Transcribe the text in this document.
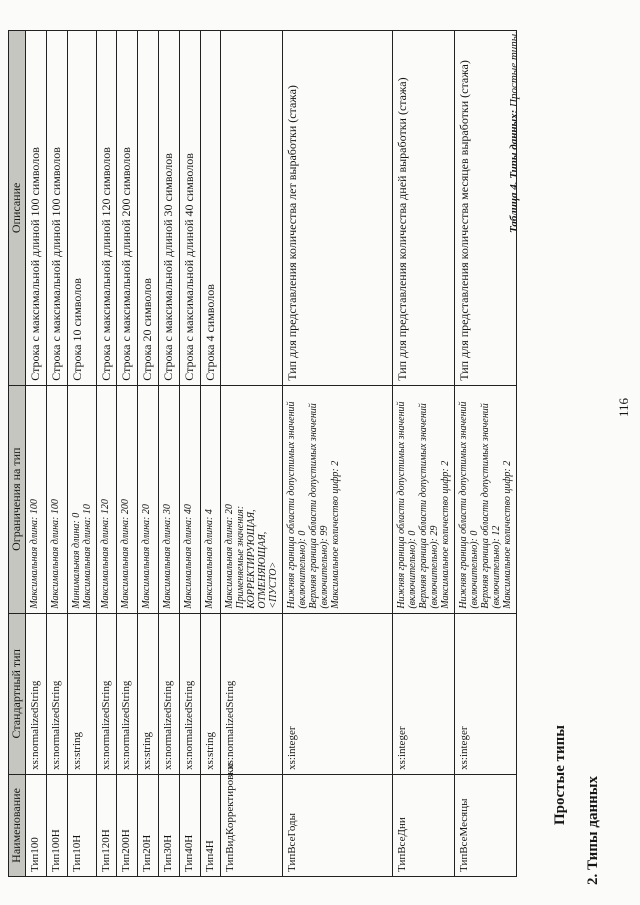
2. Типы данных
Простые типы
116
Таблица 4. Типы данных: Простые типы.
Наименование	Стандартный тип	Ограничения на тип	Описание
Тип100	xs:normalizedString	Максимальная длина: 100	Строка с максимальной длиной 100 символов
Тип100Н	xs:normalizedString	Максимальная длина: 100	Строка с максимальной длиной 100 символов
Тип10Н	xs:string	Минимальная длина: 0 Максимальная длина: 10	Строка 10 символов
Тип120Н	xs:normalizedString	Максимальная длина: 120	Строка с максимальной длиной 120 символов
Тип200Н	xs:normalizedString	Максимальная длина: 200	Строка с максимальной длиной 200 символов
Тип20Н	xs:string	Максимальная длина: 20	Строка 20 символов
Тип30Н	xs:normalizedString	Максимальная длина: 30	Строка с максимальной длиной 30 символов
Тип40Н	xs:normalizedString	Максимальная длина: 40	Строка с максимальной длиной 40 символов
Тип4Н	xs:string	Максимальная длина: 4	Строка 4 символов
ТипВидКорректировки	xs:normalizedString	Максимальная длина: 20 Применяемые значения: КОРРЕКТИРУЮЩАЯ, ОТМЕНЯЮЩАЯ, <ПУСТО>	

ТипВсеГоды	xs:integer	Нижняя граница области допустимых значений (включительно): 0 Верхняя граница области допустимых значений (включительно): 99 Максимальное количество цифр: 2	Тип для представления количества лет выработки (стажа)
ТипВсеДни	xs:integer	Нижняя граница области допустимых значений (включительно): 0 Верхняя граница области допустимых значений (включительно): 29 Максимальное количество цифр: 2	Тип для представления количества дней выработки (стажа)
ТипВсеМесяцы	xs:integer	Нижняя граница области допустимых значений (включительно): 0 Верхняя граница области допустимых значений (включительно): 12 Максимальное количество цифр: 2	Тип для представления количества месяцев выработки (стажа)
